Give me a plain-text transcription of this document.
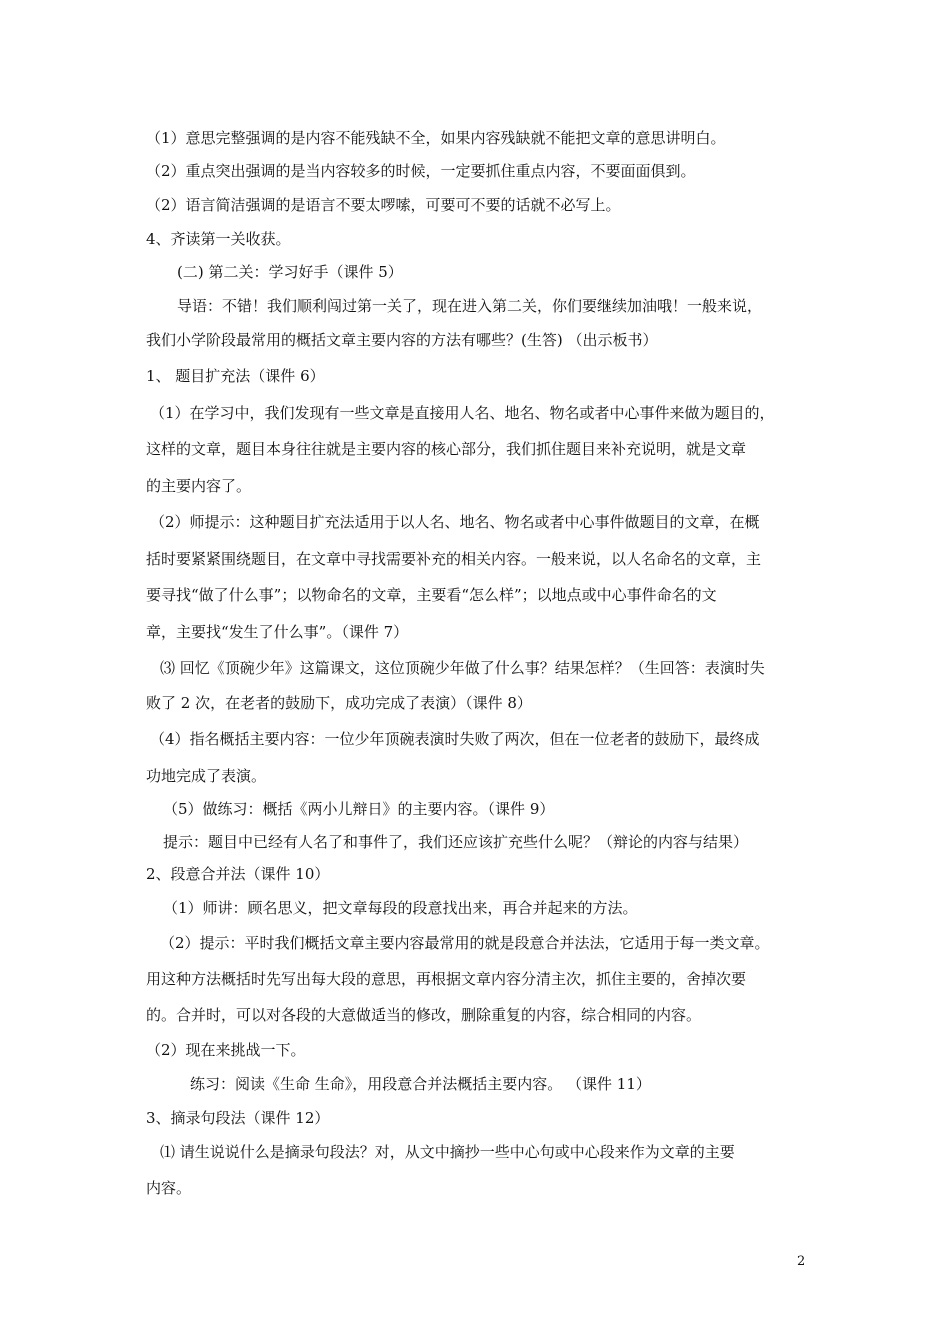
（1）意思完整强调的是内容不能残缺不全，如果内容残缺就不能把文章的意思讲明白。
（2）重点突出强调的是当内容较多的时候，一定要抓住重点内容，不要面面俱到。
（2）语言简洁强调的是语言不要太啰嗦，可要可不要的话就不必写上。
4、齐读第一关收获。
(二) 第二关：学习好手（课件 5）
导语：不错！我们顺利闯过第一关了，现在进入第二关，你们要继续加油哦！一般来说，
我们小学阶段最常用的概括文章主要内容的方法有哪些？(生答) （出示板书）
1、 题目扩充法（课件 6）
（1）在学习中，我们发现有一些文章是直接用人名、地名、物名或者中心事件来做为题目的，
这样的文章，题目本身往往就是主要内容的核心部分，我们抓住题目来补充说明，就是文章
的主要内容了。
（2）师提示：这种题目扩充法适用于以人名、地名、物名或者中心事件做题目的文章，在概
括时要紧紧围绕题目，在文章中寻找需要补充的相关内容。一般来说，以人名命名的文章，主
要寻找“做了什么事”；以物命名的文章，主要看“怎么样”；以地点或中心事件命名的文
章，主要找“发生了什么事”。（课件 7）
⑶ 回忆《顶碗少年》这篇课文，这位顶碗少年做了什么事？结果怎样？（生回答：表演时失
败了 2 次，在老者的鼓励下，成功完成了表演）（课件 8）
（4）指名概括主要内容：一位少年顶碗表演时失败了两次，但在一位老者的鼓励下，最终成
功地完成了表演。
（5）做练习：概括《两小儿辩日》的主要内容。（课件 9）
提示：题目中已经有人名了和事件了，我们还应该扩充些什么呢？（辩论的内容与结果）
2、段意合并法（课件 10）
（1）师讲：顾名思义，把文章每段的段意找出来，再合并起来的方法。
（2）提示：平时我们概括文章主要内容最常用的就是段意合并法法，它适用于每一类文章。
用这种方法概括时先写出每大段的意思，再根据文章内容分清主次，抓住主要的，舍掉次要
的。合并时，可以对各段的大意做适当的修改，删除重复的内容，综合相同的内容。
（2）现在来挑战一下。
练习：阅读《生命 生命》，用段意合并法概括主要内容。 （课件 11）
3、摘录句段法（课件 12）
⑴ 请生说说什么是摘录句段法？对，从文中摘抄一些中心句或中心段来作为文章的主要
内容。
2
